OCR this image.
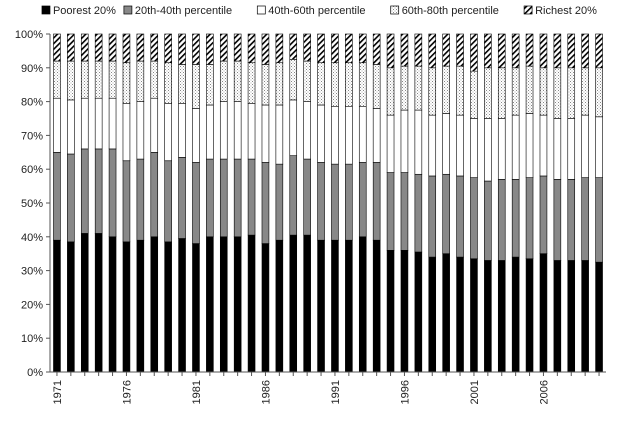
Poorest 20% 20th-40th percentile	40th-60th percentile	60th-80th percentile	Richest 20%
0%
10%
20%
30%
40%
50%
60%
70%
80%
90%
100%
1971	1976	1981	1986	1991	1996	2001	2006
